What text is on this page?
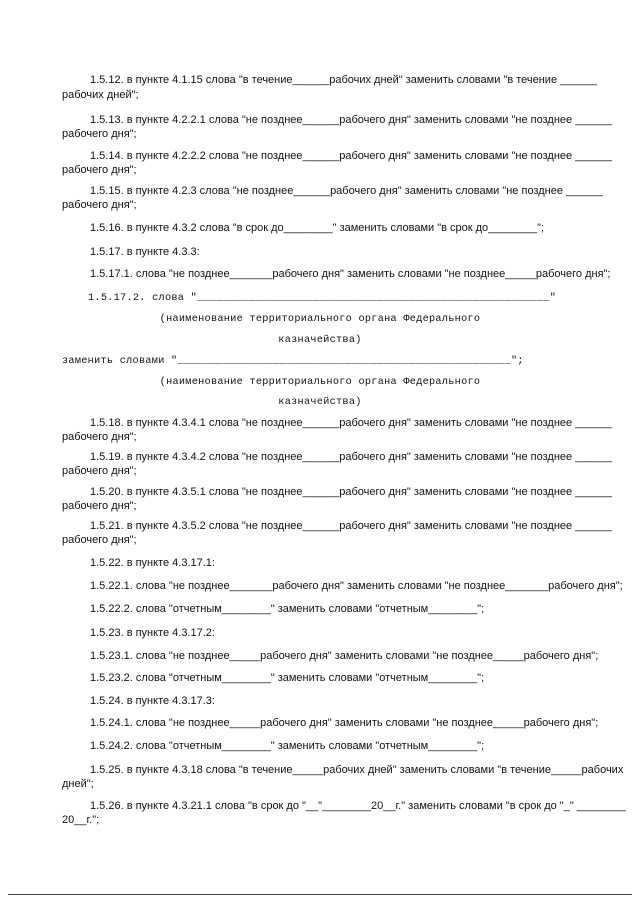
1.5.12. в пункте 4.1.15 слова "в течение______рабочих дней" заменить словами "в течение ______
рабочих дней";
1.5.13. в пункте 4.2.2.1 слова "не позднее______рабочего дня" заменить словами "не позднее ______
рабочего дня";
1.5.14. в пункте 4.2.2.2 слова "не позднее______рабочего дня" заменить словами "не позднее ______
рабочего дня";
1.5.15. в пункте 4.2.3 слова "не позднее______рабочего дня" заменить словами "не позднее ______
рабочего дня";
1.5.16. в пункте 4.3.2 слова "в срок до________" заменить словами "в срок до________";
1.5.17. в пункте 4.3.3:
1.5.17.1. слова "не позднее_______рабочего дня" заменить словами "не позднее_____рабочего дня";
1.5.17.2. слова "_______________________________________________________"
(наименование территориального органа Федерального
казначейства)
заменить словами "____________________________________________________";
(наименование территориального органа Федерального
казначейства)
1.5.18. в пункте 4.3.4.1 слова "не позднее______рабочего дня" заменить словами "не позднее ______
рабочего дня";
1.5.19. в пункте 4.3.4.2 слова "не позднее______рабочего дня" заменить словами "не позднее ______
рабочего дня";
1.5.20. в пункте 4.3.5.1 слова "не позднее______рабочего дня" заменить словами "не позднее ______
рабочего дня";
1.5.21. в пункте 4.3.5.2 слова "не позднее______рабочего дня" заменить словами "не позднее ______
рабочего дня";
1.5.22. в пункте 4.3.17.1:
1.5.22.1. слова "не позднее_______рабочего дня" заменить словами "не позднее_______рабочего дня";
1.5.22.2. слова "отчетным________" заменить словами "отчетным________";
1.5.23. в пункте 4.3.17.2:
1.5.23.1. слова "не позднее_____рабочего дня" заменить словами "не позднее_____рабочего дня";
1.5.23.2. слова "отчетным________" заменить словами "отчетным________";
1.5.24. в пункте 4.3.17.3:
1.5.24.1. слова "не позднее_____рабочего дня" заменить словами "не позднее_____рабочего дня";
1.5.24.2. слова "отчетным________" заменить словами "отчетным________";
1.5.25. в пункте 4.3.18 слова "в течение_____рабочих дней" заменить словами "в течение_____рабочих
дней";
1.5.26. в пункте 4.3.21.1 слова "в срок до "__"________20__г." заменить словами "в срок до "_" ________
20__г.";
